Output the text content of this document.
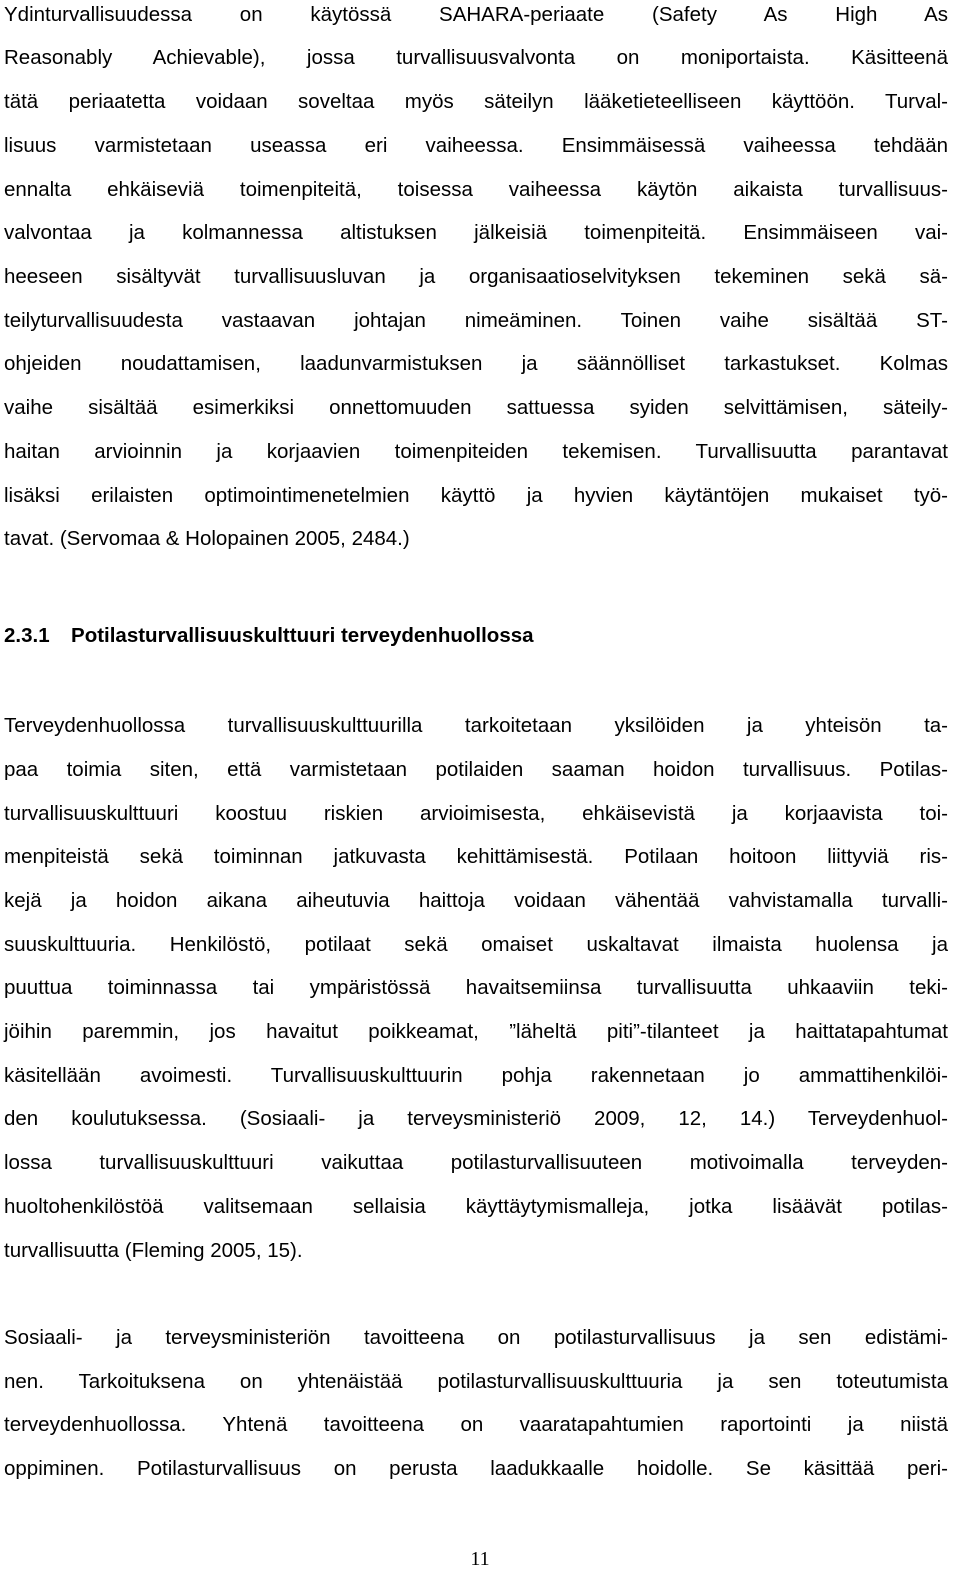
Ydinturvallisuudessa on käytössä SAHARA-periaate (Safety As High As
Reasonably Achievable), jossa turvallisuusvalvonta on moniportaista. Käsitteenä
tätä periaatetta voidaan soveltaa myös säteilyn lääketieteelliseen käyttöön. Turval-
lisuus varmistetaan useassa eri vaiheessa. Ensimmäisessä vaiheessa tehdään
ennalta ehkäiseviä toimenpiteitä, toisessa vaiheessa käytön aikaista turvallisuus-
valvontaa ja kolmannessa altistuksen jälkeisiä toimenpiteitä. Ensimmäiseen vai-
heeseen sisältyvät turvallisuusluvan ja organisaatioselvityksen tekeminen sekä sä-
teilyturvallisuudesta vastaavan johtajan nimeäminen. Toinen vaihe sisältää ST-
ohjeiden noudattamisen, laadunvarmistuksen ja säännölliset tarkastukset. Kolmas
vaihe sisältää esimerkiksi onnettomuuden sattuessa syiden selvittämisen, säteily-
haitan arvioinnin ja korjaavien toimenpiteiden tekemisen. Turvallisuutta parantavat
lisäksi erilaisten optimointimenetelmien käyttö ja hyvien käytäntöjen mukaiset työ-
tavat. (Servomaa & Holopainen 2005, 2484.)
2.3.1 Potilasturvallisuuskulttuuri terveydenhuollossa
Terveydenhuollossa turvallisuuskulttuurilla tarkoitetaan yksilöiden ja yhteisön ta-
paa toimia siten, että varmistetaan potilaiden saaman hoidon turvallisuus. Potilas-
turvallisuuskulttuuri koostuu riskien arvioimisesta, ehkäisevistä ja korjaavista toi-
menpiteistä sekä toiminnan jatkuvasta kehittämisestä. Potilaan hoitoon liittyviä ris-
kejä ja hoidon aikana aiheutuvia haittoja voidaan vähentää vahvistamalla turvalli-
suuskulttuuria. Henkilöstö, potilaat sekä omaiset uskaltavat ilmaista huolensa ja
puuttua toiminnassa tai ympäristössä havaitsemiinsa turvallisuutta uhkaaviin teki-
jöihin paremmin, jos havaitut poikkeamat, ”läheltä piti”-tilanteet ja haittatapahtumat
käsitellään avoimesti. Turvallisuuskulttuurin pohja rakennetaan jo ammattihenkilöi-
den koulutuksessa. (Sosiaali- ja terveysministeriö 2009, 12, 14.) Terveydenhuol-
lossa turvallisuuskulttuuri vaikuttaa potilasturvallisuuteen motivoimalla terveyden-
huoltohenkilöstöä valitsemaan sellaisia käyttäytymismalleja, jotka lisäävät potilas-
turvallisuutta (Fleming 2005, 15).
Sosiaali- ja terveysministeriön tavoitteena on potilasturvallisuus ja sen edistämi-
nen. Tarkoituksena on yhtenäistää potilasturvallisuuskulttuuria ja sen toteutumista
terveydenhuollossa. Yhtenä tavoitteena on vaaratapahtumien raportointi ja niistä
oppiminen. Potilasturvallisuus on perusta laadukkaalle hoidolle. Se käsittää peri-
11
